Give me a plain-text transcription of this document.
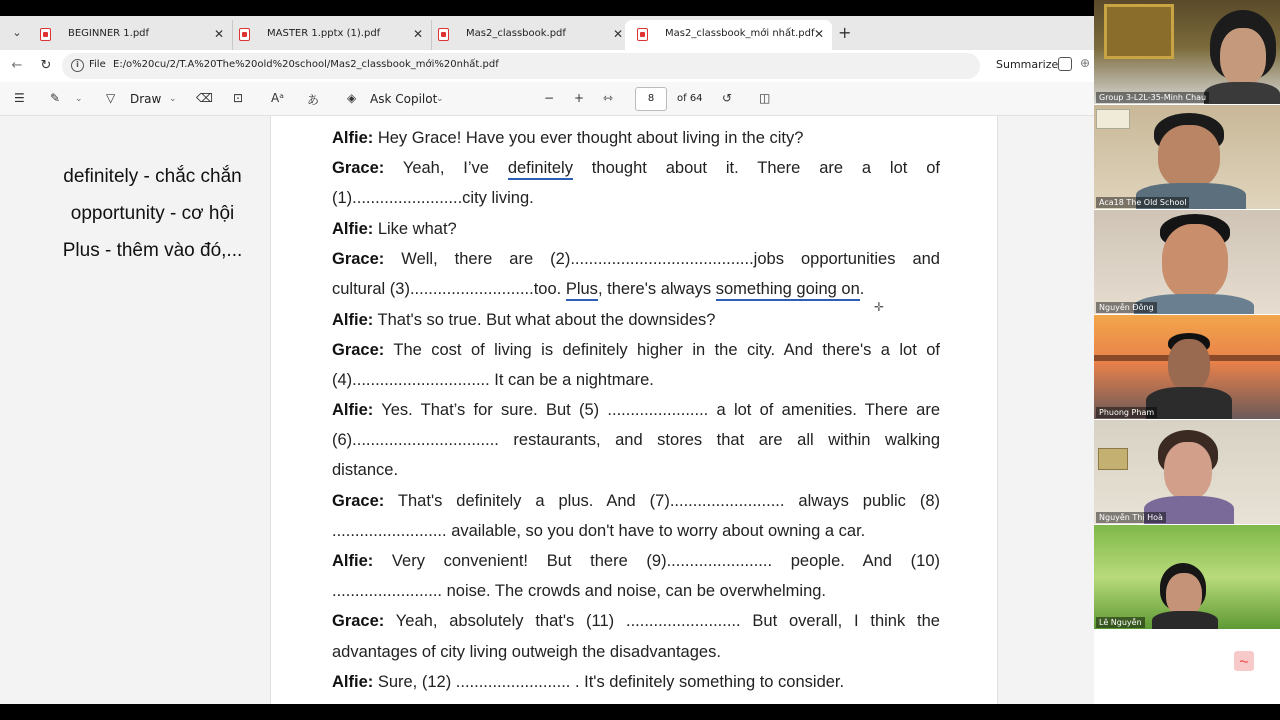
⌄	BEGINNER 1.pdf	✕	MASTER 1.pptx (1).pdf	✕	Mas2_classbook.pdf	✕	Mas2_classbook_mới nhất.pdf ✕ +
← ↻	i	File E:/o%20cu/2/T.A%20The%20old%20school/Mas2_classbook_mới%20nhất.pdf	Summarize ⊕
☰ ✎ ⌄ ▽ Draw ⌄ ⌫ ⊡ Aᵃ あ ◈ Ask Copilot
⌄	− + ⇿	8	of 64 ↺ ◫
definitely - chắc chắn
opportunity - cơ hội
Plus - thêm vào đó,...
Alfie: Hey Grace! Have you ever thought about living in the city?
Grace: Yeah, I’ve definitely thought about it. There are a lot of
(1)........................city living.
Alfie: Like what?
Grace: Well, there are (2)........................................jobs opportunities and
cultural (3)...........................too. Plus, there's always something going on.
Alfie: That's so true. But what about the downsides?
Grace: The cost of living is definitely higher in the city. And there's a lot of
(4).............................. It can be a nightmare.
Alfie: Yes. That’s for sure. But (5) ...................... a lot of amenities. There are
(6)................................ restaurants, and stores that are all within walking
distance.
Grace: That's definitely a plus. And (7)......................... always public (8)
......................... available, so you don't have to worry about owning a car.
Alfie: Very convenient! But there (9)....................... people. And (10)
........................ noise. The crowds and noise, can be overwhelming.
Grace: Yeah, absolutely that's (11) ......................... But overall, I think the
advantages of city living outweigh the disadvantages.
Alfie: Sure, (12) ......................... . It's definitely something to consider.
✛
Group 3-L2L-35-Minh Chau
Aca18 The Old School
Nguyễn Đông
Phuong Pham
Nguyễn Thị Hoà
Lê Nguyễn
⏦
